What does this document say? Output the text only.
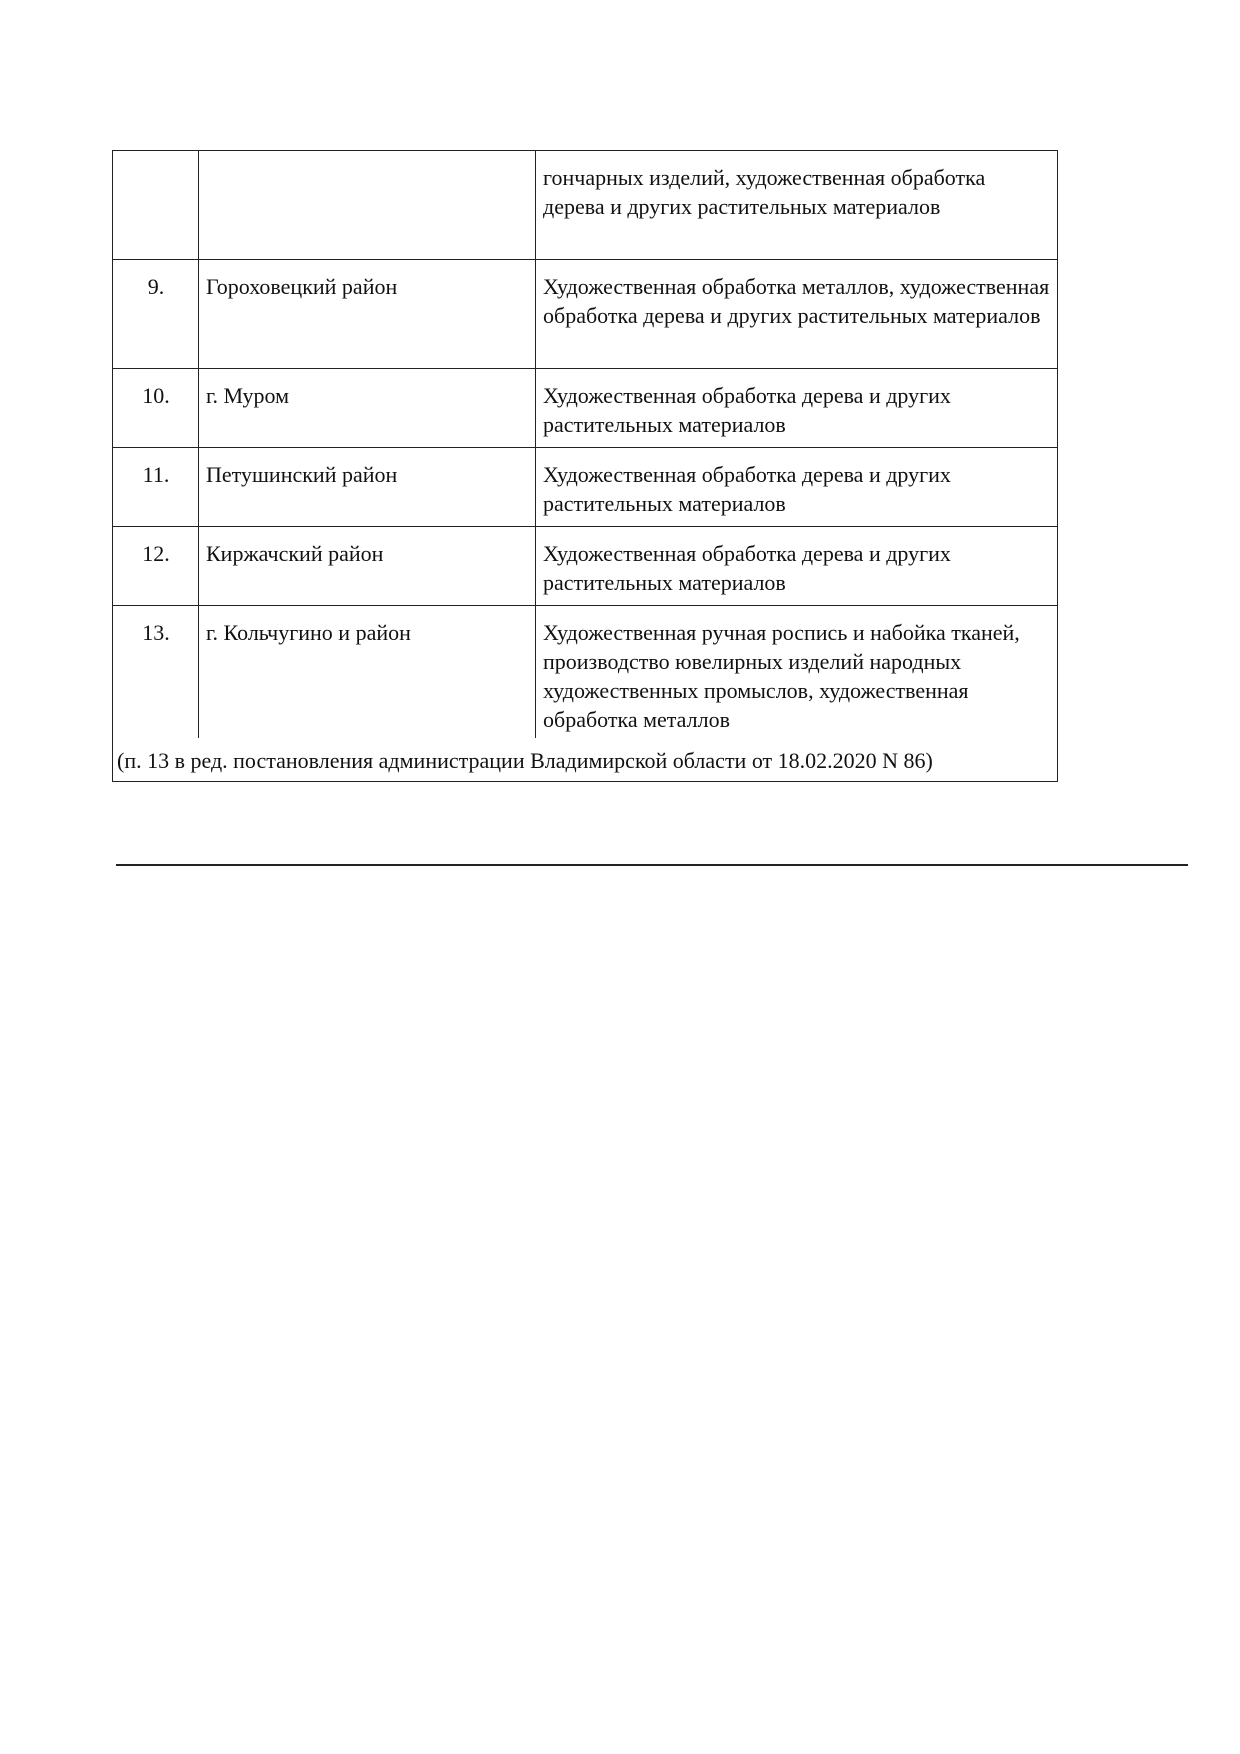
		гончарных изделий, художественная обработка дерева и других растительных материалов
9.	Гороховецкий район	Художественная обработка металлов, художественная обработка дерева и других растительных материалов
10.	г. Муром	Художественная обработка дерева и других растительных материалов
11.	Петушинский район	Художественная обработка дерева и других растительных материалов
12.	Киржачский район	Художественная обработка дерева и других растительных материалов
13.	г. Кольчугино и район	Художественная ручная роспись и набойка тканей, производство ювелирных изделий народных художественных промыслов, художественная обработка металлов
(п. 13 в ред. постановления администрации Владимирской области от 18.02.2020 N 86)		
